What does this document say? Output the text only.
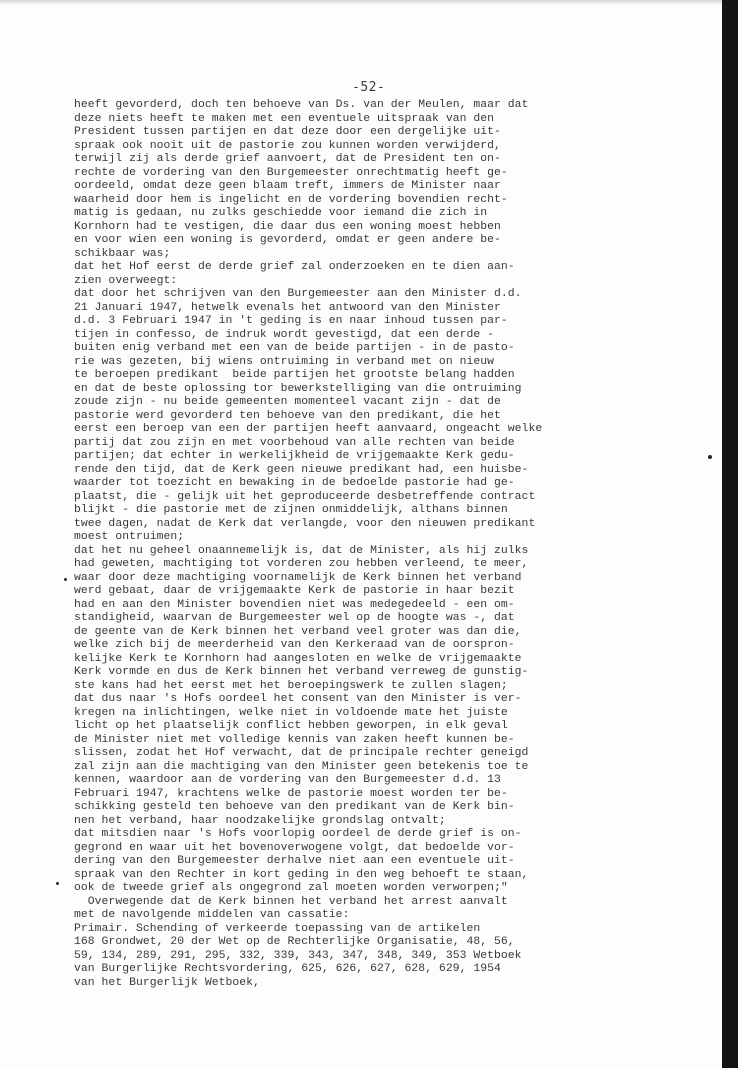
-52-
heeft gevorderd, doch ten behoeve van Ds. van der Meulen, maar dat
deze niets heeft te maken met een eventuele uitspraak van den
President tussen partijen en dat deze door een dergelijke uit-
spraak ook nooit uit de pastorie zou kunnen worden verwijderd,
terwijl zij als derde grief aanvoert, dat de President ten on-
rechte de vordering van den Burgemeester onrechtmatig heeft ge-
oordeeld, omdat deze geen blaam treft, immers de Minister naar
waarheid door hem is ingelicht en de vordering bovendien recht-
matig is gedaan, nu zulks geschiedde voor iemand die zich in
Kornhorn had te vestigen, die daar dus een woning moest hebben
en voor wien een woning is gevorderd, omdat er geen andere be-
schikbaar was;
dat het Hof eerst de derde grief zal onderzoeken en te dien aan-
zien overweegt:
dat door het schrijven van den Burgemeester aan den Minister d.d.
21 Januari 1947, hetwelk evenals het antwoord van den Minister
d.d. 3 Februari 1947 in 't geding is en naar inhoud tussen par-
tijen in confesso, de indruk wordt gevestigd, dat een derde -
buiten enig verband met een van de beide partijen - in de pasto-
rie was gezeten, bij wiens ontruiming in verband met on nieuw
te beroepen predikant  beide partijen het grootste belang hadden
en dat de beste oplossing tor bewerkstelliging van die ontruiming
zoude zijn - nu beide gemeenten momenteel vacant zijn - dat de
pastorie werd gevorderd ten behoeve van den predikant, die het
eerst een beroep van een der partijen heeft aanvaard, ongeacht welke
partij dat zou zijn en met voorbehoud van alle rechten van beide
partijen; dat echter in werkelijkheid de vrijgemaakte Kerk gedu-
rende den tijd, dat de Kerk geen nieuwe predikant had, een huisbe-
waarder tot toezicht en bewaking in de bedoelde pastorie had ge-
plaatst, die - gelijk uit het geproduceerde desbetreffende contract
blijkt - die pastorie met de zijnen onmiddelijk, althans binnen
twee dagen, nadat de Kerk dat verlangde, voor den nieuwen predikant
moest ontruimen;
dat het nu geheel onaannemelijk is, dat de Minister, als hij zulks
had geweten, machtiging tot vorderen zou hebben verleend, te meer,
waar door deze machtiging voornamelijk de Kerk binnen het verband
werd gebaat, daar de vrijgemaakte Kerk de pastorie in haar bezit
had en aan den Minister bovendien niet was medegedeeld - een om-
standigheid, waarvan de Burgemeester wel op de hoogte was -, dat
de geente van de Kerk binnen het verband veel groter was dan die,
welke zich bij de meerderheid van den Kerkeraad van de oorspron-
kelijke Kerk te Kornhorn had aangesloten en welke de vrijgemaakte
Kerk vormde en dus de Kerk binnen het verband verreweg de gunstig-
ste kans had het eerst met het beroepingswerk te zullen slagen;
dat dus naar 's Hofs oordeel het consent van den Minister is ver-
kregen na inlichtingen, welke niet in voldoende mate het juiste
licht op het plaatselijk conflict hebben geworpen, in elk geval
de Minister niet met volledige kennis van zaken heeft kunnen be-
slissen, zodat het Hof verwacht, dat de principale rechter geneigd
zal zijn aan die machtiging van den Minister geen betekenis toe te
kennen, waardoor aan de vordering van den Burgemeester d.d. 13
Februari 1947, krachtens welke de pastorie moest worden ter be-
schikking gesteld ten behoeve van den predikant van de Kerk bin-
nen het verband, haar noodzakelijke grondslag ontvalt;
dat mitsdien naar 's Hofs voorlopig oordeel de derde grief is on-
gegrond en waar uit het bovenoverwogene volgt, dat bedoelde vor-
dering van den Burgemeester derhalve niet aan een eventuele uit-
spraak van den Rechter in kort geding in den weg behoeft te staan,
ook de tweede grief als ongegrond zal moeten worden verworpen;"
Overwegende dat de Kerk binnen het verband het arrest aanvalt
met de navolgende middelen van cassatie:
Primair. Schending of verkeerde toepassing van de artikelen
168 Grondwet, 20 der Wet op de Rechterlijke Organisatie, 48, 56,
59, 134, 289, 291, 295, 332, 339, 343, 347, 348, 349, 353 Wetboek
van Burgerlijke Rechtsvordering, 625, 626, 627, 628, 629, 1954
van het Burgerlijk Wetboek,
